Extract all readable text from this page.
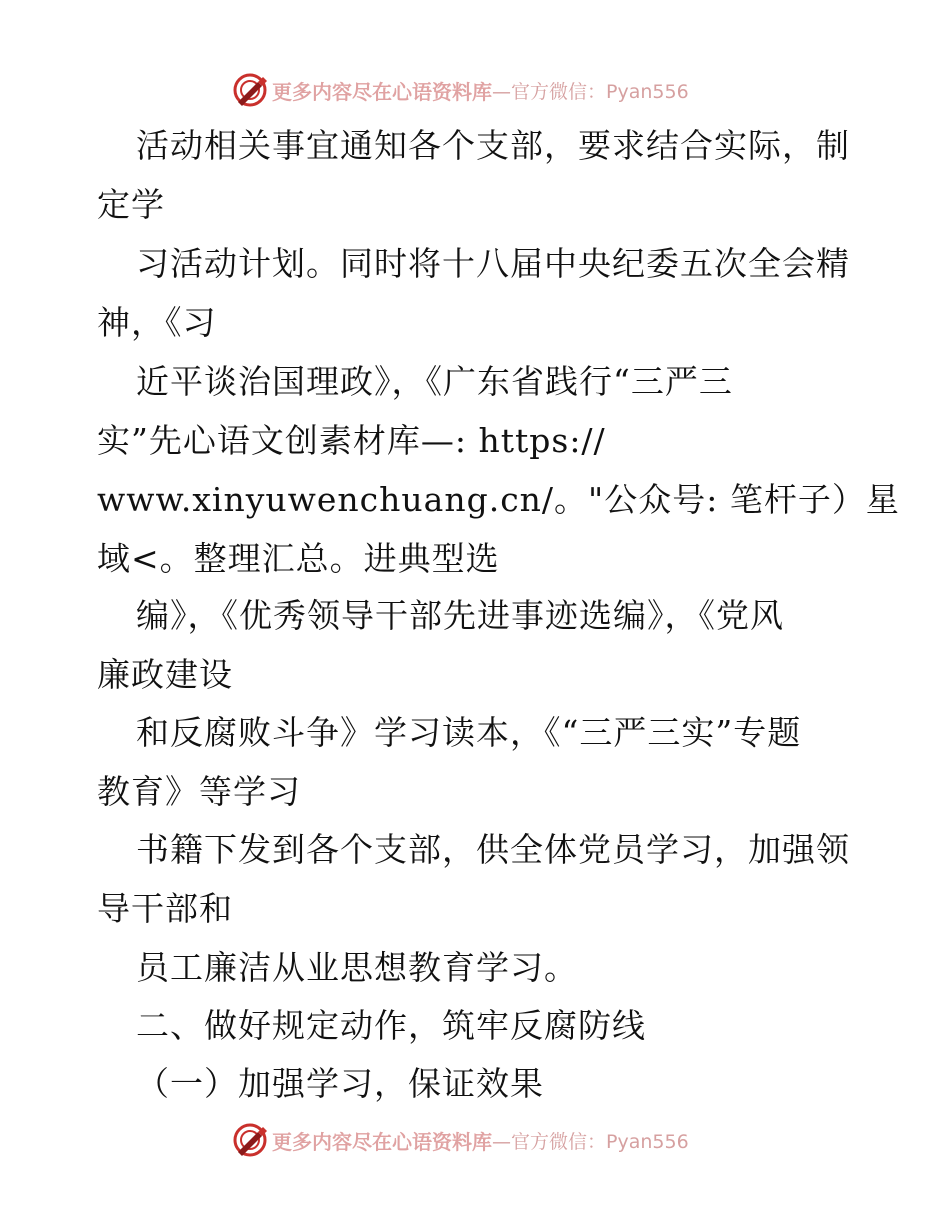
更多内容尽在心语资料库 —官方微信：Pyan556
活动相关事宜通知各个支部，要求结合实际，制
定学
习活动计划。同时将十八届中央纪委五次全会精
神，《习
近平谈治国理政》，《广东省践行“三严三
实”先心语文创素材库—: https://
www.xinyuwenchuang.cn/。"公众号: 笔杆子）星
域<。整理汇总。进典型选
编》，《优秀领导干部先进事迹选编》，《党风
廉政建设
和反腐败斗争》学习读本，《“三严三实”专题
教育》等学习
书籍下发到各个支部，供全体党员学习，加强领
导干部和
员工廉洁从业思想教育学习。
二、做好规定动作，筑牢反腐防线
（一）加强学习，保证效果
更多内容尽在心语资料库 —官方微信：Pyan556
